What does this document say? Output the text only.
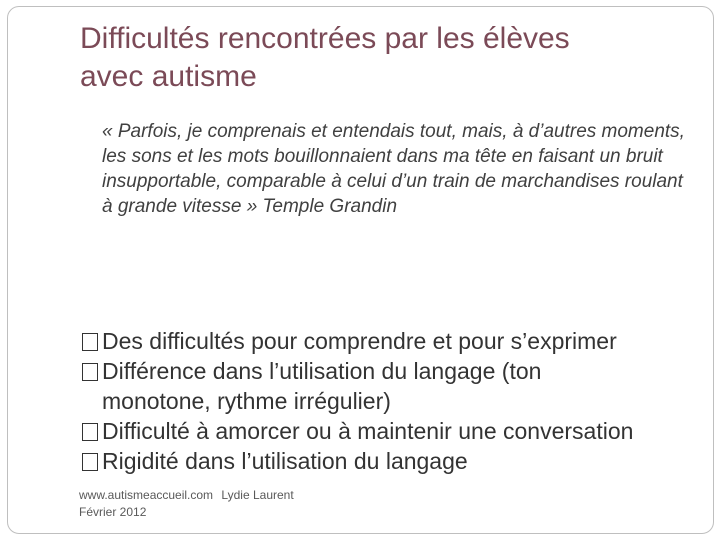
Difficultés rencontrées par les élèves
avec autisme
« Parfois, je comprenais et entendais tout, mais, à d’autres moments, les sons et les mots bouillonnaient dans ma tête en faisant un bruit insupportable, comparable à celui d’un train de marchandises roulant à grande vitesse » Temple Grandin
Des difficultés pour comprendre et pour s’exprimer
Différence dans l’utilisation du langage (ton monotone, rythme irrégulier)
Difficulté à amorcer ou à maintenir une conversation
Rigidité dans l’utilisation du langage
www.autismeaccueil.com Lydie Laurent
Février 2012
